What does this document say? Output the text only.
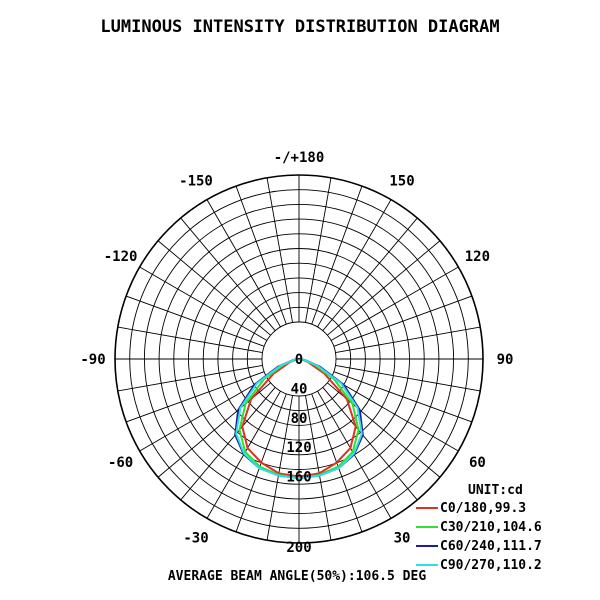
LUMINOUS INTENSITY DISTRIBUTION DIAGRAM
-/+180
150
-150
120
-120
90
-90
60
-60
30
-30
0
40
80
120
160
200
UNIT:cd
C0/180,99.3
C30/210,104.6
C60/240,111.7
C90/270,110.2
AVERAGE BEAM ANGLE(50%):106.5 DEG
